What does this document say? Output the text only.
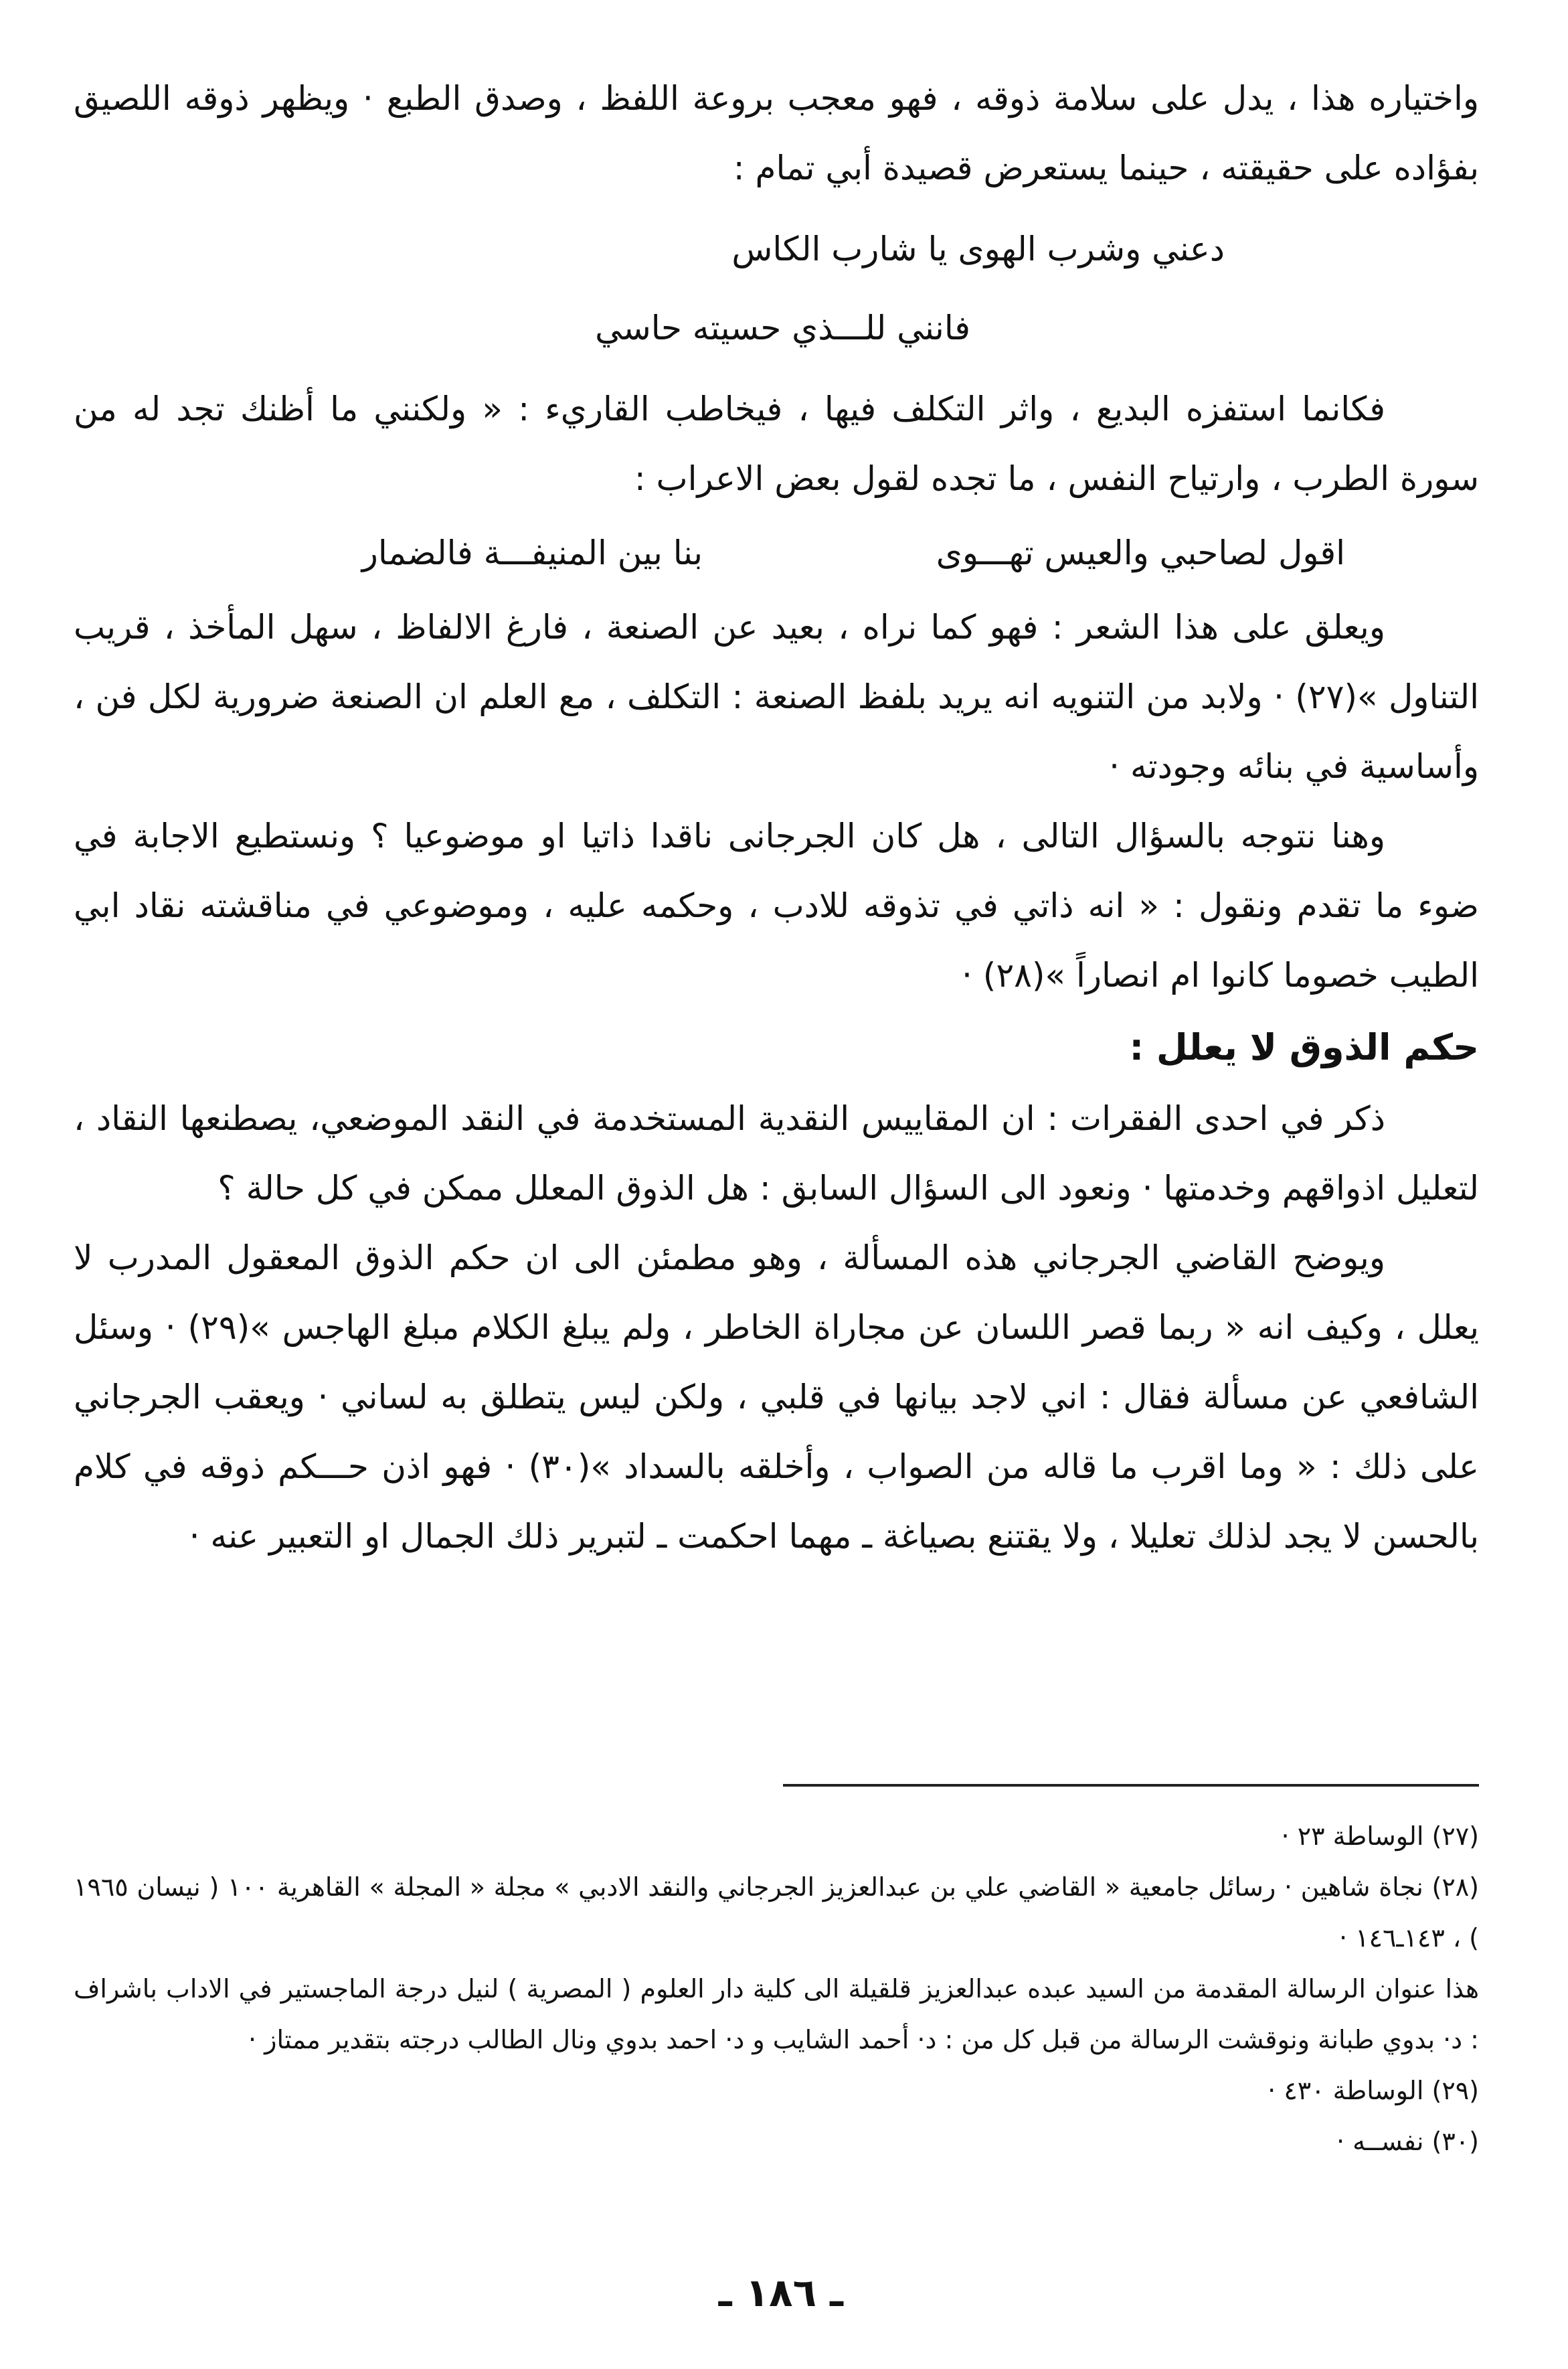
واختياره هذا ، يدل على سلامة ذوقه ، فهو معجب بروعة اللفظ ، وصدق الطبع · ويظهر ذوقه اللصيق بفؤاده على حقيقته ، حينما يستعرض قصيدة أبي تمام :

دعني وشرب الهوى يا شارب الكاس
فانني للـــذي حسيته حاسي

فكانما استفزه البديع ، واثر التكلف فيها ، فيخاطب القاريء : « ولكنني ما أظنك تجد له من سورة الطرب ، وارتياح النفس ، ما تجده لقول بعض الاعراب :

اقول لصاحبي والعيس تهـــوى
بنا بين المنيفـــة فالضمار

ويعلق على هذا الشعر : فهو كما نراه ، بعيد عن الصنعة ، فارغ الالفاظ ، سهل المأخذ ، قريب التناول »(٢٧) · ولابد من التنويه انه يريد بلفظ الصنعة : التكلف ، مع العلم ان الصنعة ضرورية لكل فن ، وأساسية في بنائه وجودته ·

وهنا نتوجه بالسؤال التالى ، هل كان الجرجانى ناقدا ذاتيا او موضوعيا ؟ ونستطيع الاجابة في ضوء ما تقدم ونقول : « انه ذاتي في تذوقه للادب ، وحكمه عليه ، وموضوعي في مناقشته نقاد ابي الطيب خصوما كانوا ام انصاراً »(٢٨) ·

حكم الذوق لا يعلل :

ذكر في احدى الفقرات : ان المقاييس النقدية المستخدمة في النقد الموضعي، يصطنعها النقاد ، لتعليل اذواقهم وخدمتها · ونعود الى السؤال السابق : هل الذوق المعلل ممكن في كل حالة ؟

ويوضح القاضي الجرجاني هذه المسألة ، وهو مطمئن الى ان حكم الذوق المعقول المدرب لا يعلل ، وكيف انه « ربما قصر اللسان عن مجاراة الخاطر ، ولم يبلغ الكلام مبلغ الهاجس »(٢٩) · وسئل الشافعي عن مسألة فقال : اني لاجد بيانها في قلبي ، ولكن ليس يتطلق به لساني · ويعقب الجرجاني على ذلك : « وما اقرب ما قاله من الصواب ، وأخلقه بالسداد »(٣٠) · فهو اذن حـــكم ذوقه في كلام بالحسن لا يجد لذلك تعليلا ، ولا يقتنع بصياغة ـ مهما احكمت ـ لتبرير ذلك الجمال او التعبير عنه ·

(٢٧) الوساطة ٢٣ ·

(٢٨) نجاة شاهين · رسائل جامعية « القاضي علي بن عبدالعزيز الجرجاني والنقد الادبي » مجلة « المجلة » القاهرية ١٠٠ ( نيسان ١٩٦٥ ) ، ١٤٣ـ١٤٦ ·

هذا عنوان الرسالة المقدمة من السيد عبده عبدالعزيز قلقيلة الى كلية دار العلوم ( المصرية ) لنيل درجة الماجستير في الاداب باشراف : د· بدوي طبانة ونوقشت الرسالة من قبل كل من : د· أحمد الشايب و د· احمد بدوي ونال الطالب درجته بتقدير ممتاز ·

(٢٩) الوساطة ٤٣٠ ·

(٣٠) نفســه ·

ـ ١٨٦ ـ
